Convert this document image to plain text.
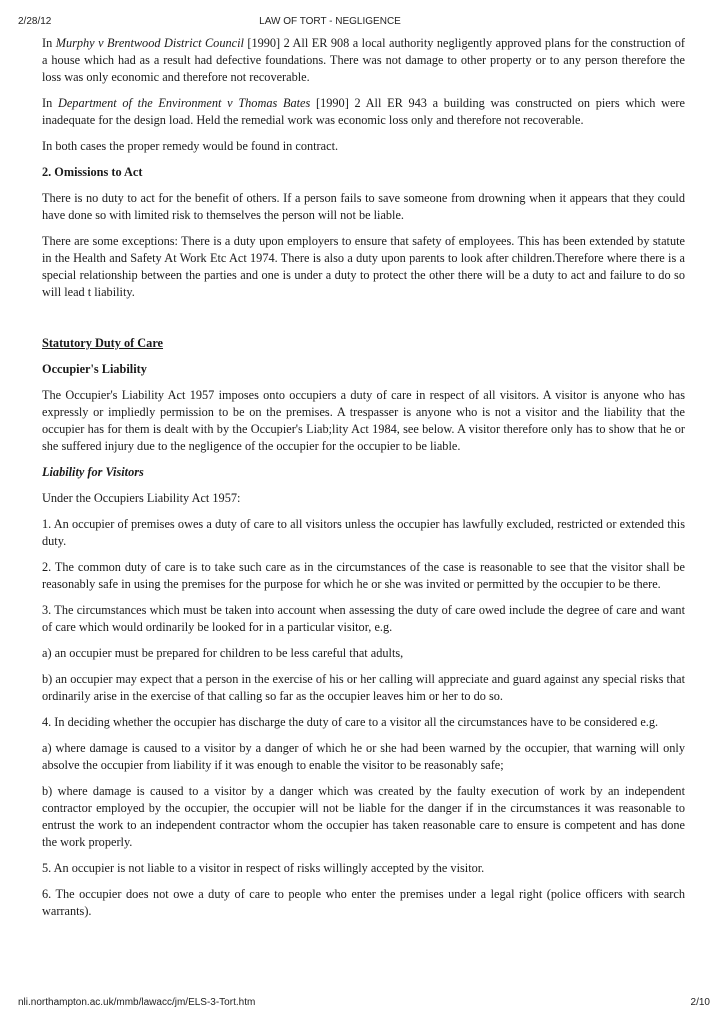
2/28/12	LAW OF TORT - NEGLIGENCE

In Murphy v Brentwood District Council [1990] 2 All ER 908 a local authority negligently approved plans for the construction of a house which had as a result had defective foundations. There was not damage to other property or to any person therefore the loss was only economic and therefore not recoverable.

In Department of the Environment v Thomas Bates [1990] 2 All ER 943 a building was constructed on piers which were inadequate for the design load. Held the remedial work was economic loss only and therefore not recoverable.

In both cases the proper remedy would be found in contract.

2. Omissions to Act

There is no duty to act for the benefit of others. If a person fails to save someone from drowning when it appears that they could have done so with limited risk to themselves the person will not be liable.

There are some exceptions: There is a duty upon employers to ensure that safety of employees. This has been extended by statute in the Health and Safety At Work Etc Act 1974. There is also a duty upon parents to look after children.Therefore where there is a special relationship between the parties and one is under a duty to protect the other there will be a duty to act and failure to do so will lead t liability.

Statutory Duty of Care

Occupier's Liability

The Occupier's Liability Act 1957 imposes onto occupiers a duty of care in respect of all visitors. A visitor is anyone who has expressly or impliedly permission to be on the premises. A trespasser is anyone who is not a visitor and the liability that the occupier has for them is dealt with by the Occupier's Liab;lity Act 1984, see below. A visitor therefore only has to show that he or she suffered injury due to the negligence of the occupier for the occupier to be liable.

Liability for Visitors

Under the Occupiers Liability Act 1957:

1. An occupier of premises owes a duty of care to all visitors unless the occupier has lawfully excluded, restricted or extended this duty.

2. The common duty of care is to take such care as in the circumstances of the case is reasonable to see that the visitor shall be reasonably safe in using the premises for the purpose for which he or she was invited or permitted by the occupier to be there.

3. The circumstances which must be taken into account when assessing the duty of care owed include the degree of care and want of care which would ordinarily be looked for in a particular visitor, e.g.

a) an occupier must be prepared for children to be less careful that adults,

b) an occupier may expect that a person in the exercise of his or her calling will appreciate and guard against any special risks that ordinarily arise in the exercise of that calling so far as the occupier leaves him or her to do so.

4. In deciding whether the occupier has discharge the duty of care to a visitor all the circumstances have to be considered e.g.

a) where damage is caused to a visitor by a danger of which he or she had been warned by the occupier, that warning will only absolve the occupier from liability if it was enough to enable the visitor to be reasonably safe;

b) where damage is caused to a visitor by a danger which was created by the faulty execution of work by an independent contractor employed by the occupier, the occupier will not be liable for the danger if in the circumstances it was reasonable to entrust the work to an independent contractor whom the occupier has taken reasonable care to ensure is competent and has done the work properly.

5. An occupier is not liable to a visitor in respect of risks willingly accepted by the visitor.

6. The occupier does not owe a duty of care to people who enter the premises under a legal right (police officers with search warrants).

nli.northampton.ac.uk/mmb/lawacc/jm/ELS-3-Tort.htm	2/10
